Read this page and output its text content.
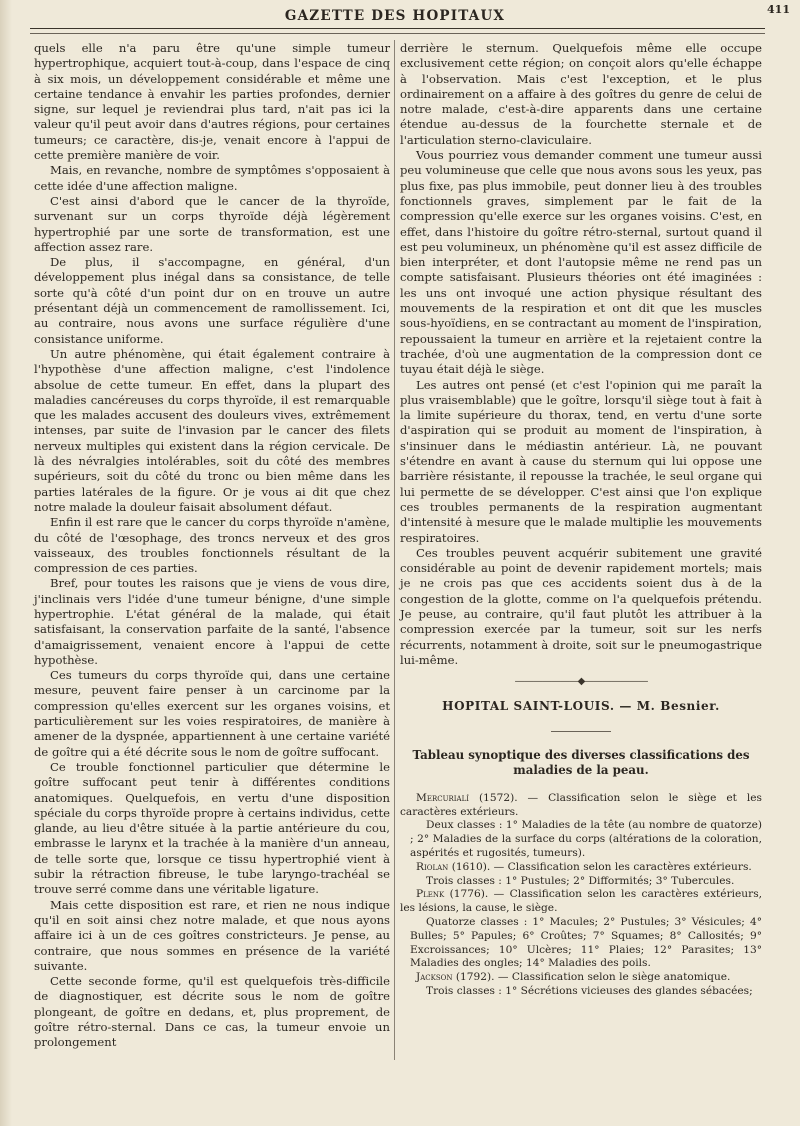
GAZETTE DES HOPITAUX	411

quels elle n'a paru être qu'une simple tumeur hypertrophique, acquiert tout-à-coup, dans l'espace de cinq à six mois, un développement considérable et même une certaine tendance à envahir les parties profondes, dernier signe, sur lequel je reviendrai plus tard, n'ait pas ici la valeur qu'il peut avoir dans d'autres régions, pour certaines tumeurs; ce caractère, dis-je, venait encore à l'appui de cette première manière de voir.

Mais, en revanche, nombre de symptômes s'opposaient à cette idée d'une affection maligne.

C'est ainsi d'abord que le cancer de la thyroïde, survenant sur un corps thyroïde déjà légèrement hypertrophié par une sorte de transformation, est une affection assez rare.

De plus, il s'accompagne, en général, d'un développement plus inégal dans sa consistance, de telle sorte qu'à côté d'un point dur on en trouve un autre présentant déjà un commencement de ramollissement. Ici, au contraire, nous avons une surface régulière d'une consistance uniforme.

Un autre phénomène, qui était également contraire à l'hypothèse d'une affection maligne, c'est l'indolence absolue de cette tumeur. En effet, dans la plupart des maladies cancéreuses du corps thyroïde, il est remarquable que les malades accusent des douleurs vives, extrêmement intenses, par suite de l'invasion par le cancer des filets nerveux multiples qui existent dans la région cervicale. De là des névralgies intolérables, soit du côté des membres supérieurs, soit du côté du tronc ou bien même dans les parties latérales de la figure. Or je vous ai dit que chez notre malade la douleur faisait absolument défaut.

Enfin il est rare que le cancer du corps thyroïde n'amène, du côté de l'œsophage, des troncs nerveux et des gros vaisseaux, des troubles fonctionnels résultant de la compression de ces parties.

Bref, pour toutes les raisons que je viens de vous dire, j'inclinais vers l'idée d'une tumeur bénigne, d'une simple hypertrophie. L'état général de la malade, qui était satisfaisant, la conservation parfaite de la santé, l'absence d'amaigrissement, venaient encore à l'appui de cette hypothèse.

Ces tumeurs du corps thyroïde qui, dans une certaine mesure, peuvent faire penser à un carcinome par la compression qu'elles exercent sur les organes voisins, et particulièrement sur les voies respiratoires, de manière à amener de la dyspnée, appartiennent à une certaine variété de goître qui a été décrite sous le nom de goître suffocant.

Ce trouble fonctionnel particulier que détermine le goître suffocant peut tenir à différentes conditions anatomiques. Quelquefois, en vertu d'une disposition spéciale du corps thyroïde propre à certains individus, cette glande, au lieu d'être située à la partie antérieure du cou, embrasse le larynx et la trachée à la manière d'un anneau, de telle sorte que, lorsque ce tissu hypertrophié vient à subir la rétraction fibreuse, le tube laryngo-trachéal se trouve serré comme dans une véritable ligature.

Mais cette disposition est rare, et rien ne nous indique qu'il en soit ainsi chez notre malade, et que nous ayons affaire ici à un de ces goîtres constricteurs. Je pense, au contraire, que nous sommes en présence de la variété suivante.

Cette seconde forme, qu'il est quelquefois très-difficile de diagnostiquer, est décrite sous le nom de goître plongeant, de goître en dedans, et, plus proprement, de goître rétro-sternal. Dans ce cas, la tumeur envoie un prolongement

derrière le sternum. Quelquefois même elle occupe exclusivement cette région; on conçoit alors qu'elle échappe à l'observation. Mais c'est l'exception, et le plus ordinairement on a affaire à des goîtres du genre de celui de notre malade, c'est-à-dire apparents dans une certaine étendue au-dessus de la fourchette sternale et de l'articulation sterno-claviculaire.

Vous pourriez vous demander comment une tumeur aussi peu volumineuse que celle que nous avons sous les yeux, pas plus fixe, pas plus immobile, peut donner lieu à des troubles fonctionnels graves, simplement par le fait de la compression qu'elle exerce sur les organes voisins. C'est, en effet, dans l'histoire du goître rétro-sternal, surtout quand il est peu volumineux, un phénomène qu'il est assez difficile de bien interpréter, et dont l'autopsie même ne rend pas un compte satisfaisant. Plusieurs théories ont été imaginées : les uns ont invoqué une action physique résultant des mouvements de la respiration et ont dit que les muscles sous-hyoïdiens, en se contractant au moment de l'inspiration, repoussaient la tumeur en arrière et la rejetaient contre la trachée, d'où une augmentation de la compression dont ce tuyau était déjà le siège.

Les autres ont pensé (et c'est l'opinion qui me paraît la plus vraisemblable) que le goître, lorsqu'il siège tout à fait à la limite supérieure du thorax, tend, en vertu d'une sorte d'aspiration qui se produit au moment de l'inspiration, à s'insinuer dans le médiastin antérieur. Là, ne pouvant s'étendre en avant à cause du sternum qui lui oppose une barrière résistante, il repousse la trachée, le seul organe qui lui permette de se développer. C'est ainsi que l'on explique ces troubles permanents de la respiration augmentant d'intensité à mesure que le malade multiplie les mouvements respiratoires.

Ces troubles peuvent acquérir subitement une gravité considérable au point de devenir rapidement mortels; mais je ne crois pas que ces accidents soient dus à de la congestion de la glotte, comme on l'a quelquefois prétendu. Je peuse, au contraire, qu'il faut plutôt les attribuer à la compression exercée par la tumeur, soit sur les nerfs récurrents, notamment à droite, soit sur le pneumogastrique lui-même.

———————◆———————
HOPITAL SAINT-LOUIS. — M. Besnier.
Tableau synoptique des diverses classifications des maladies de la peau.

Mercurialí (1572). — Classification selon le siège et les caractères extérieurs.
Deux classes : 1° Maladies de la tête (au nombre de quatorze) ; 2° Maladies de la surface du corps (altérations de la coloration, aspérités et rugosités, tumeurs).

Riolan (1610). — Classification selon les caractères extérieurs.
Trois classes : 1° Pustules; 2° Difformités; 3° Tubercules.

Plenk (1776). — Classification selon les caractères extérieurs, les lésions, la cause, le siège.
Quatorze classes : 1° Macules; 2° Pustules; 3° Vésicules; 4° Bulles; 5° Papules; 6° Croûtes; 7° Squames; 8° Callosités; 9° Excroissances; 10° Ulcères; 11° Plaies; 12° Parasites; 13° Maladies des ongles; 14° Maladies des poils.

Jackson (1792). — Classification selon le siège anatomique.
Trois classes : 1° Sécrétions vicieuses des glandes sébacées;
